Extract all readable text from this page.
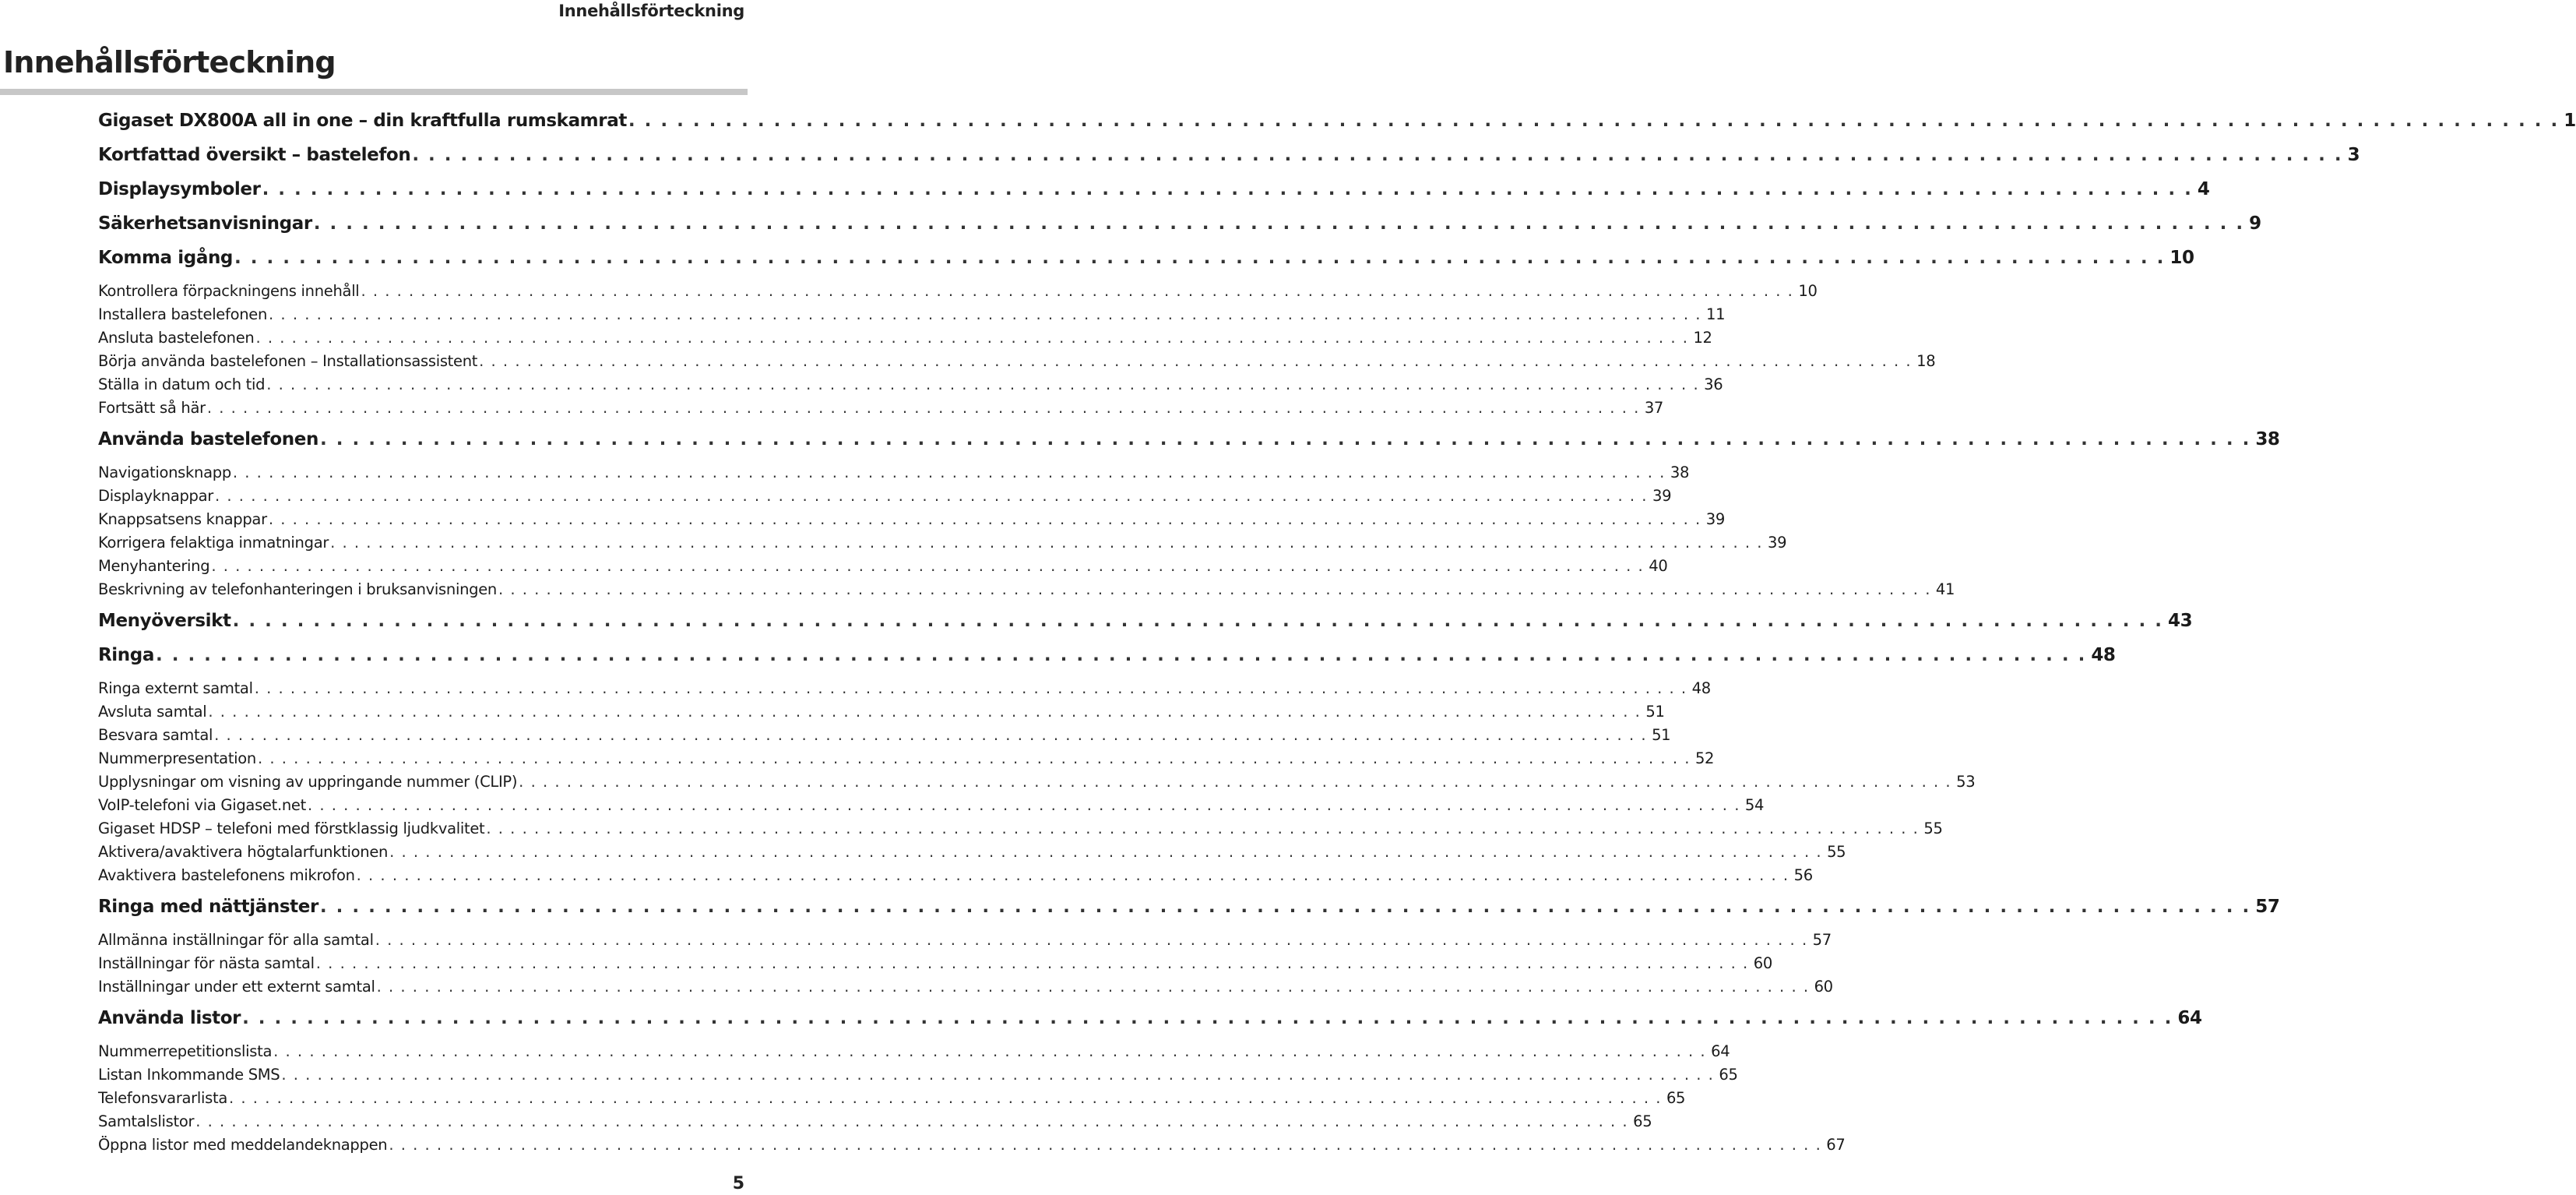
Innehållsförteckning
Innehållsförteckning
Gigaset DX800A all in one – din kraftfulla rumskamrat . . . . . . . . . . . . . . . . . . . . . . . . . . . . . . . . . . . . . . . . . . . . . . . . . . . . . . . . . . . . . . . . . . . . . . . . . . . . . . . . . . . . . . . . . . . . . . . . . . . . . . . . . . . . . . . . . . . . . . . . 1
Kortfattad översikt – bastelefon . . . . . . . . . . . . . . . . . . . . . . . . . . . . . . . . . . . . . . . . . . . . . . . . . . . . . . . . . . . . . . . . . . . . . . . . . . . . . . . . . . . . . . . . . . . . . . . . . . . . . . . . . . . . . . . . . . . . . . . . 3
Displaysymboler . . . . . . . . . . . . . . . . . . . . . . . . . . . . . . . . . . . . . . . . . . . . . . . . . . . . . . . . . . . . . . . . . . . . . . . . . . . . . . . . . . . . . . . . . . . . . . . . . . . . . . . . . . . . . . . . . . . . . . . . 4
Säkerhetsanvisningar . . . . . . . . . . . . . . . . . . . . . . . . . . . . . . . . . . . . . . . . . . . . . . . . . . . . . . . . . . . . . . . . . . . . . . . . . . . . . . . . . . . . . . . . . . . . . . . . . . . . . . . . . . . . . . . . . . . . . . . . 9
Komma igång . . . . . . . . . . . . . . . . . . . . . . . . . . . . . . . . . . . . . . . . . . . . . . . . . . . . . . . . . . . . . . . . . . . . . . . . . . . . . . . . . . . . . . . . . . . . . . . . . . . . . . . . . . . . . . . . . . . . . . . . 10
Kontrollera förpackningens innehåll . . . . . . . . . . . . . . . . . . . . . . . . . . . . . . . . . . . . . . . . . . . . . . . . . . . . . . . . . . . . . . . . . . . . . . . . . . . . . . . . . . . . . . . . . . . . . . . . . . . . . . . . . . . . . . . . . . . . . . . . 10
Installera bastelefonen . . . . . . . . . . . . . . . . . . . . . . . . . . . . . . . . . . . . . . . . . . . . . . . . . . . . . . . . . . . . . . . . . . . . . . . . . . . . . . . . . . . . . . . . . . . . . . . . . . . . . . . . . . . . . . . . . . . . . . . . 11
Ansluta bastelefonen . . . . . . . . . . . . . . . . . . . . . . . . . . . . . . . . . . . . . . . . . . . . . . . . . . . . . . . . . . . . . . . . . . . . . . . . . . . . . . . . . . . . . . . . . . . . . . . . . . . . . . . . . . . . . . . . . . . . . . . . 12
Börja använda bastelefonen – Installationsassistent . . . . . . . . . . . . . . . . . . . . . . . . . . . . . . . . . . . . . . . . . . . . . . . . . . . . . . . . . . . . . . . . . . . . . . . . . . . . . . . . . . . . . . . . . . . . . . . . . . . . . . . . . . . . . . . . . . . . . . . . 18
Ställa in datum och tid . . . . . . . . . . . . . . . . . . . . . . . . . . . . . . . . . . . . . . . . . . . . . . . . . . . . . . . . . . . . . . . . . . . . . . . . . . . . . . . . . . . . . . . . . . . . . . . . . . . . . . . . . . . . . . . . . . . . . . . . 36
Fortsätt så här . . . . . . . . . . . . . . . . . . . . . . . . . . . . . . . . . . . . . . . . . . . . . . . . . . . . . . . . . . . . . . . . . . . . . . . . . . . . . . . . . . . . . . . . . . . . . . . . . . . . . . . . . . . . . . . . . . . . . . . . 37
Använda bastelefonen . . . . . . . . . . . . . . . . . . . . . . . . . . . . . . . . . . . . . . . . . . . . . . . . . . . . . . . . . . . . . . . . . . . . . . . . . . . . . . . . . . . . . . . . . . . . . . . . . . . . . . . . . . . . . . . . . . . . . . . . 38
Navigationsknapp . . . . . . . . . . . . . . . . . . . . . . . . . . . . . . . . . . . . . . . . . . . . . . . . . . . . . . . . . . . . . . . . . . . . . . . . . . . . . . . . . . . . . . . . . . . . . . . . . . . . . . . . . . . . . . . . . . . . . . . . 38
Displayknappar . . . . . . . . . . . . . . . . . . . . . . . . . . . . . . . . . . . . . . . . . . . . . . . . . . . . . . . . . . . . . . . . . . . . . . . . . . . . . . . . . . . . . . . . . . . . . . . . . . . . . . . . . . . . . . . . . . . . . . . . 39
Knappsatsens knappar . . . . . . . . . . . . . . . . . . . . . . . . . . . . . . . . . . . . . . . . . . . . . . . . . . . . . . . . . . . . . . . . . . . . . . . . . . . . . . . . . . . . . . . . . . . . . . . . . . . . . . . . . . . . . . . . . . . . . . . . 39
Korrigera felaktiga inmatningar . . . . . . . . . . . . . . . . . . . . . . . . . . . . . . . . . . . . . . . . . . . . . . . . . . . . . . . . . . . . . . . . . . . . . . . . . . . . . . . . . . . . . . . . . . . . . . . . . . . . . . . . . . . . . . . . . . . . . . . . 39
Menyhantering . . . . . . . . . . . . . . . . . . . . . . . . . . . . . . . . . . . . . . . . . . . . . . . . . . . . . . . . . . . . . . . . . . . . . . . . . . . . . . . . . . . . . . . . . . . . . . . . . . . . . . . . . . . . . . . . . . . . . . . . 40
Beskrivning av telefonhanteringen i bruksanvisningen . . . . . . . . . . . . . . . . . . . . . . . . . . . . . . . . . . . . . . . . . . . . . . . . . . . . . . . . . . . . . . . . . . . . . . . . . . . . . . . . . . . . . . . . . . . . . . . . . . . . . . . . . . . . . . . . . . . . . . . . 41
Menyöversikt . . . . . . . . . . . . . . . . . . . . . . . . . . . . . . . . . . . . . . . . . . . . . . . . . . . . . . . . . . . . . . . . . . . . . . . . . . . . . . . . . . . . . . . . . . . . . . . . . . . . . . . . . . . . . . . . . . . . . . . . 43
Ringa . . . . . . . . . . . . . . . . . . . . . . . . . . . . . . . . . . . . . . . . . . . . . . . . . . . . . . . . . . . . . . . . . . . . . . . . . . . . . . . . . . . . . . . . . . . . . . . . . . . . . . . . . . . . . . . . . . . . . . . . 48
Ringa externt samtal . . . . . . . . . . . . . . . . . . . . . . . . . . . . . . . . . . . . . . . . . . . . . . . . . . . . . . . . . . . . . . . . . . . . . . . . . . . . . . . . . . . . . . . . . . . . . . . . . . . . . . . . . . . . . . . . . . . . . . . . 48
Avsluta samtal . . . . . . . . . . . . . . . . . . . . . . . . . . . . . . . . . . . . . . . . . . . . . . . . . . . . . . . . . . . . . . . . . . . . . . . . . . . . . . . . . . . . . . . . . . . . . . . . . . . . . . . . . . . . . . . . . . . . . . . . 51
Besvara samtal . . . . . . . . . . . . . . . . . . . . . . . . . . . . . . . . . . . . . . . . . . . . . . . . . . . . . . . . . . . . . . . . . . . . . . . . . . . . . . . . . . . . . . . . . . . . . . . . . . . . . . . . . . . . . . . . . . . . . . . . 51
Nummerpresentation . . . . . . . . . . . . . . . . . . . . . . . . . . . . . . . . . . . . . . . . . . . . . . . . . . . . . . . . . . . . . . . . . . . . . . . . . . . . . . . . . . . . . . . . . . . . . . . . . . . . . . . . . . . . . . . . . . . . . . . . 52
Upplysningar om visning av uppringande nummer (CLIP) . . . . . . . . . . . . . . . . . . . . . . . . . . . . . . . . . . . . . . . . . . . . . . . . . . . . . . . . . . . . . . . . . . . . . . . . . . . . . . . . . . . . . . . . . . . . . . . . . . . . . . . . . . . . . . . . . . . . . . . . 53
VoIP-telefoni via Gigaset.net . . . . . . . . . . . . . . . . . . . . . . . . . . . . . . . . . . . . . . . . . . . . . . . . . . . . . . . . . . . . . . . . . . . . . . . . . . . . . . . . . . . . . . . . . . . . . . . . . . . . . . . . . . . . . . . . . . . . . . . . 54
Gigaset HDSP – telefoni med förstklassig ljudkvalitet . . . . . . . . . . . . . . . . . . . . . . . . . . . . . . . . . . . . . . . . . . . . . . . . . . . . . . . . . . . . . . . . . . . . . . . . . . . . . . . . . . . . . . . . . . . . . . . . . . . . . . . . . . . . . . . . . . . . . . . . 55
Aktivera/avaktivera högtalarfunktionen . . . . . . . . . . . . . . . . . . . . . . . . . . . . . . . . . . . . . . . . . . . . . . . . . . . . . . . . . . . . . . . . . . . . . . . . . . . . . . . . . . . . . . . . . . . . . . . . . . . . . . . . . . . . . . . . . . . . . . . . 55
Avaktivera bastelefonens mikrofon . . . . . . . . . . . . . . . . . . . . . . . . . . . . . . . . . . . . . . . . . . . . . . . . . . . . . . . . . . . . . . . . . . . . . . . . . . . . . . . . . . . . . . . . . . . . . . . . . . . . . . . . . . . . . . . . . . . . . . . . 56
Ringa med nättjänster . . . . . . . . . . . . . . . . . . . . . . . . . . . . . . . . . . . . . . . . . . . . . . . . . . . . . . . . . . . . . . . . . . . . . . . . . . . . . . . . . . . . . . . . . . . . . . . . . . . . . . . . . . . . . . . . . . . . . . . . 57
Allmänna inställningar för alla samtal . . . . . . . . . . . . . . . . . . . . . . . . . . . . . . . . . . . . . . . . . . . . . . . . . . . . . . . . . . . . . . . . . . . . . . . . . . . . . . . . . . . . . . . . . . . . . . . . . . . . . . . . . . . . . . . . . . . . . . . . 57
Inställningar för nästa samtal . . . . . . . . . . . . . . . . . . . . . . . . . . . . . . . . . . . . . . . . . . . . . . . . . . . . . . . . . . . . . . . . . . . . . . . . . . . . . . . . . . . . . . . . . . . . . . . . . . . . . . . . . . . . . . . . . . . . . . . . 60
Inställningar under ett externt samtal . . . . . . . . . . . . . . . . . . . . . . . . . . . . . . . . . . . . . . . . . . . . . . . . . . . . . . . . . . . . . . . . . . . . . . . . . . . . . . . . . . . . . . . . . . . . . . . . . . . . . . . . . . . . . . . . . . . . . . . . 60
Använda listor . . . . . . . . . . . . . . . . . . . . . . . . . . . . . . . . . . . . . . . . . . . . . . . . . . . . . . . . . . . . . . . . . . . . . . . . . . . . . . . . . . . . . . . . . . . . . . . . . . . . . . . . . . . . . . . . . . . . . . . . 64
Nummerrepetitionslista . . . . . . . . . . . . . . . . . . . . . . . . . . . . . . . . . . . . . . . . . . . . . . . . . . . . . . . . . . . . . . . . . . . . . . . . . . . . . . . . . . . . . . . . . . . . . . . . . . . . . . . . . . . . . . . . . . . . . . . . 64
Listan Inkommande SMS . . . . . . . . . . . . . . . . . . . . . . . . . . . . . . . . . . . . . . . . . . . . . . . . . . . . . . . . . . . . . . . . . . . . . . . . . . . . . . . . . . . . . . . . . . . . . . . . . . . . . . . . . . . . . . . . . . . . . . . . 65
Telefonsvararlista . . . . . . . . . . . . . . . . . . . . . . . . . . . . . . . . . . . . . . . . . . . . . . . . . . . . . . . . . . . . . . . . . . . . . . . . . . . . . . . . . . . . . . . . . . . . . . . . . . . . . . . . . . . . . . . . . . . . . . . . 65
Samtalslistor . . . . . . . . . . . . . . . . . . . . . . . . . . . . . . . . . . . . . . . . . . . . . . . . . . . . . . . . . . . . . . . . . . . . . . . . . . . . . . . . . . . . . . . . . . . . . . . . . . . . . . . . . . . . . . . . . . . . . . . . 65
Öppna listor med meddelandeknappen . . . . . . . . . . . . . . . . . . . . . . . . . . . . . . . . . . . . . . . . . . . . . . . . . . . . . . . . . . . . . . . . . . . . . . . . . . . . . . . . . . . . . . . . . . . . . . . . . . . . . . . . . . . . . . . . . . . . . . . . 67
5
